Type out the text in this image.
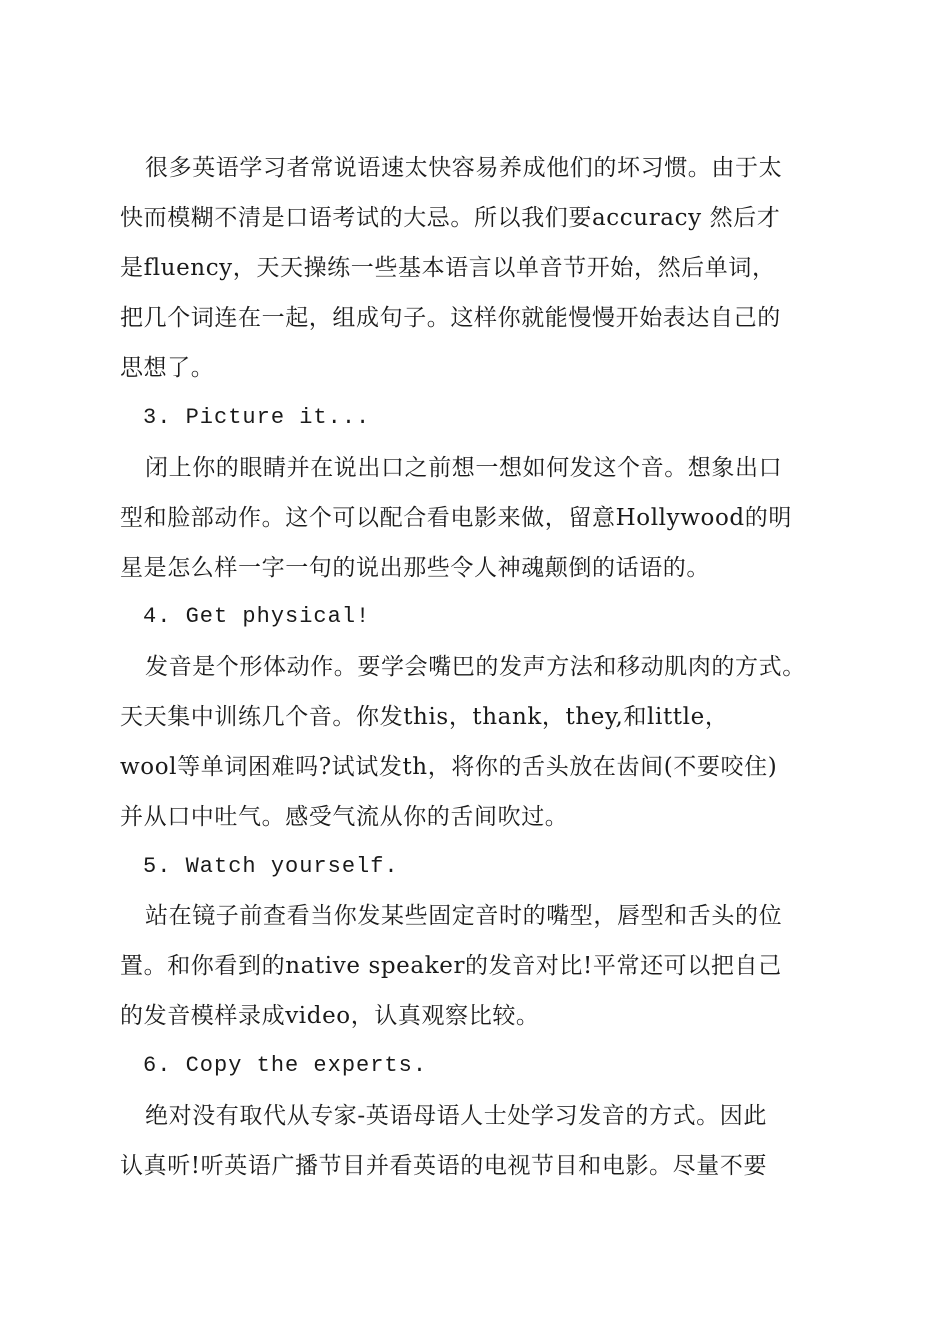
很多英语学习者常说语速太快容易养成他们的坏习惯。由于太

快而模糊不清是口语考试的大忌。所以我们要accuracy 然后才

是fluency，天天操练一些基本语言以单音节开始，然后单词，

把几个词连在一起，组成句子。这样你就能慢慢开始表达自己的

思想了。

3. Picture it...

闭上你的眼睛并在说出口之前想一想如何发这个音。想象出口

型和脸部动作。这个可以配合看电影来做，留意Hollywood的明

星是怎么样一字一句的说出那些令人神魂颠倒的话语的。

4. Get physical!

发音是个形体动作。要学会嘴巴的发声方法和移动肌肉的方式。

天天集中训练几个音。你发this，thank，they,和little，

wool等单词困难吗?试试发th，将你的舌头放在齿间(不要咬住)

并从口中吐气。感受气流从你的舌间吹过。

5. Watch yourself.

站在镜子前查看当你发某些固定音时的嘴型，唇型和舌头的位

置。和你看到的native speaker的发音对比!平常还可以把自己

的发音模样录成video，认真观察比较。

6. Copy the experts.

绝对没有取代从专家-英语母语人士处学习发音的方式。因此

认真听!听英语广播节目并看英语的电视节目和电影。尽量不要
